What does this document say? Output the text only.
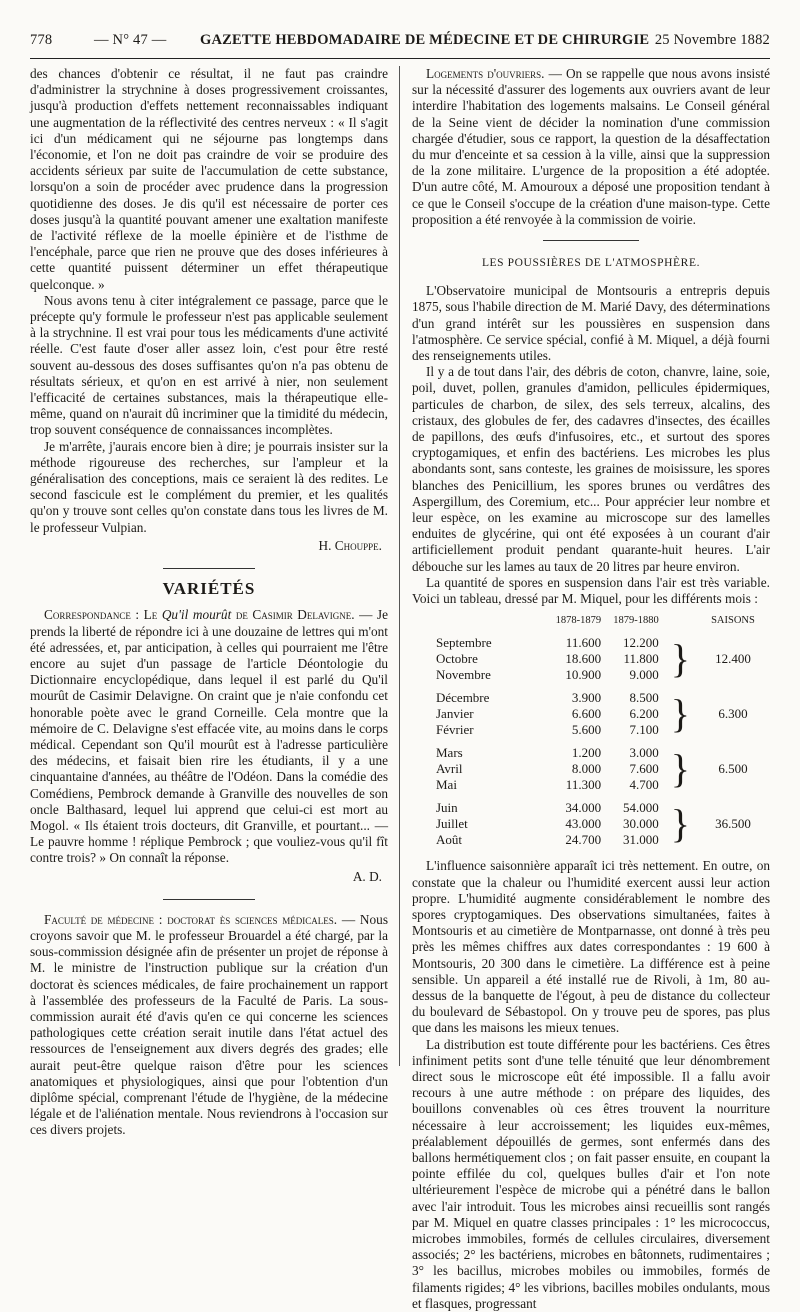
778	— N° 47 — GAZETTE HEBDOMADAIRE DE MÉDECINE ET DE CHIRURGIE 25 Novembre 1882

des chances d'obtenir ce résultat, il ne faut pas craindre d'administrer la strychnine à doses progressivement croissantes, jusqu'à production d'effets nettement reconnaissables indiquant une augmentation de la réflectivité des centres nerveux : « Il s'agit ici d'un médicament qui ne séjourne pas longtemps dans l'économie, et l'on ne doit pas craindre de voir se produire des accidents sérieux par suite de l'accumulation de cette substance, lorsqu'on a soin de procéder avec prudence dans la progression quotidienne des doses. Je dis qu'il est nécessaire de porter ces doses jusqu'à la quantité pouvant amener une exaltation manifeste de l'activité réflexe de la moelle épinière et de l'isthme de l'encéphale, parce que rien ne prouve que des doses inférieures à cette quantité puissent déterminer un effet thérapeutique quelconque. »

Nous avons tenu à citer intégralement ce passage, parce que le précepte qu'y formule le professeur n'est pas applicable seulement à la strychnine. Il est vrai pour tous les médicaments d'une activité réelle. C'est faute d'oser aller assez loin, c'est pour être resté souvent au-dessous des doses suffisantes qu'on n'a pas obtenu de résultats sérieux, et qu'on en est arrivé à nier, non seulement l'efficacité de certaines substances, mais la thérapeutique elle-même, quand on n'aurait dû incriminer que la timidité du médecin, trop souvent conséquence de connaissances incomplètes.

Je m'arrête, j'aurais encore bien à dire; je pourrais insister sur la méthode rigoureuse des recherches, sur l'ampleur et la généralisation des conceptions, mais ce seraient là des redites. Le second fascicule est le complément du premier, et les qualités qu'on y trouve sont celles qu'on constate dans tous les livres de M. le professeur Vulpian.

H. Chouppe.
VARIÉTÉS

Correspondance : Le Qu'il mourût de Casimir Delavigne. — Je prends la liberté de répondre ici à une douzaine de lettres qui m'ont été adressées, et, par anticipation, à celles qui pourraient me l'être encore au sujet d'un passage de l'article Déontologie du Dictionnaire encyclopédique, dans lequel il est parlé du Qu'il mourût de Casimir Delavigne. On craint que je n'aie confondu cet honorable poète avec le grand Corneille. Cela montre que la mémoire de C. Delavigne s'est effacée vite, au moins dans le corps médical. Cependant son Qu'il mourût est à l'adresse particulière des médecins, et faisait bien rire les étudiants, il y a une cinquantaine d'années, au théâtre de l'Odéon. Dans la comédie des Comédiens, Pembrock demande à Granville des nouvelles de son oncle Balthasard, lequel lui apprend que celui-ci est mort au Mogol. « Ils étaient trois docteurs, dit Granville, et pourtant... — Le pauvre homme ! réplique Pembrock ; que vouliez-vous qu'il fît contre trois? » On connaît la réponse.

A. D.

Faculté de médecine : doctorat ès sciences médicales. — Nous croyons savoir que M. le professeur Brouardel a été chargé, par la sous-commission désignée afin de présenter un projet de réponse à M. le ministre de l'instruction publique sur la création d'un doctorat ès sciences médicales, de faire prochainement un rapport à l'assemblée des professeurs de la Faculté de Paris. La sous-commission aurait été d'avis qu'en ce qui concerne les sciences pathologiques cette création serait inutile dans l'état actuel des ressources de l'enseignement aux divers degrés des grades; elle aurait peut-être quelque raison d'être pour les sciences anatomiques et physiologiques, ainsi que pour l'obtention d'un diplôme spécial, comprenant l'étude de l'hygiène, de la médecine légale et de l'aliénation mentale. Nous reviendrons à l'occasion sur ces divers projets.

Logements d'ouvriers. — On se rappelle que nous avons insisté sur la nécessité d'assurer des logements aux ouvriers avant de leur interdire l'habitation des logements malsains. Le Conseil général de la Seine vient de décider la nomination d'une commission chargée d'étudier, sous ce rapport, la question de la désaffectation du mur d'enceinte et sa cession à la ville, ainsi que la suppression de la zone militaire. L'urgence de la proposition a été adoptée. D'un autre côté, M. Amouroux a déposé une proposition tendant à ce que le Conseil s'occupe de la création d'une maison-type. Cette proposition a été renvoyée à la commission de voirie.

LES POUSSIÈRES DE L'ATMOSPHÈRE.

L'Observatoire municipal de Montsouris a entrepris depuis 1875, sous l'habile direction de M. Marié Davy, des déterminations d'un grand intérêt sur les poussières en suspension dans l'atmosphère. Ce service spécial, confié à M. Miquel, a déjà fourni des renseignements utiles.

Il y a de tout dans l'air, des débris de coton, chanvre, laine, soie, poil, duvet, pollen, granules d'amidon, pellicules épidermiques, particules de charbon, de silex, des sels terreux, alcalins, des cristaux, des globules de fer, des cadavres d'insectes, des écailles de papillons, des œufs d'infusoires, etc., et surtout des spores cryptogamiques, et enfin des bactériens. Les microbes les plus abondants sont, sans conteste, les graines de moisissure, les spores blanches des Penicillium, les spores brunes ou verdâtres des Aspergillum, des Coremium, etc... Pour apprécier leur nombre et leur espèce, on les examine au microscope sur des lamelles enduites de glycérine, qui ont été exposées à un courant d'air artificiellement produit pendant quarante-huit heures. L'air débouche sur les lames au taux de 20 litres par heure environ.

La quantité de spores en suspension dans l'air est très variable. Voici un tableau, dressé par M. Miquel, pour les différents mois :

	1878-1879	1879-1880		SAISONS
Septembre	11.600	12.200	}	12.400
Octobre	18.600	11.800		
Novembre	10.900	9.000		

Décembre	3.900	8.500	}	6.300
Janvier	6.600	6.200		
Février	5.600	7.100		

Mars	1.200	3.000	}	6.500
Avril	8.000	7.600		
Mai	11.300	4.700		

Juin	34.000	54.000	}	36.500
Juillet	43.000	30.000		
Août	24.700	31.000		

L'influence saisonnière apparaît ici très nettement. En outre, on constate que la chaleur ou l'humidité exercent aussi leur action propre. L'humidité augmente considérablement le nombre des spores cryptogamiques. Des observations simultanées, faites à Montsouris et au cimetière de Montparnasse, ont donné à très peu près les mêmes chiffres aux dates correspondantes : 19 600 à Montsouris, 20 300 dans le cimetière. La différence est à peine sensible. Un appareil a été installé rue de Rivoli, à 1m, 80 au-dessus de la banquette de l'égout, à peu de distance du collecteur du boulevard de Sébastopol. On y trouve peu de spores, pas plus que dans les maisons les mieux tenues.

La distribution est toute différente pour les bactériens. Ces êtres infiniment petits sont d'une telle ténuité que leur dénombrement direct sous le microscope eût été impossible. Il a fallu avoir recours à une autre méthode : on prépare des liquides, des bouillons convenables où ces êtres trouvent la nourriture nécessaire à leur accroissement; les liquides eux-mêmes, préalablement dépouillés de germes, sont enfermés dans des ballons hermétiquement clos ; on fait passer ensuite, en coupant la pointe effilée du col, quelques bulles d'air et l'on note ultérieurement l'espèce de microbe qui a pénétré dans le ballon avec l'air introduit. Tous les microbes ainsi recueillis sont rangés par M. Miquel en quatre classes principales : 1° les micrococcus, microbes immobiles, formés de cellules circulaires, diversement associés; 2° les bactériens, microbes en bâtonnets, rudimentaires ; 3° les bacillus, microbes mobiles ou immobiles, formés de filaments rigides; 4° les vibrions, bacilles mobiles ondulants, mous et flasques, progressant
